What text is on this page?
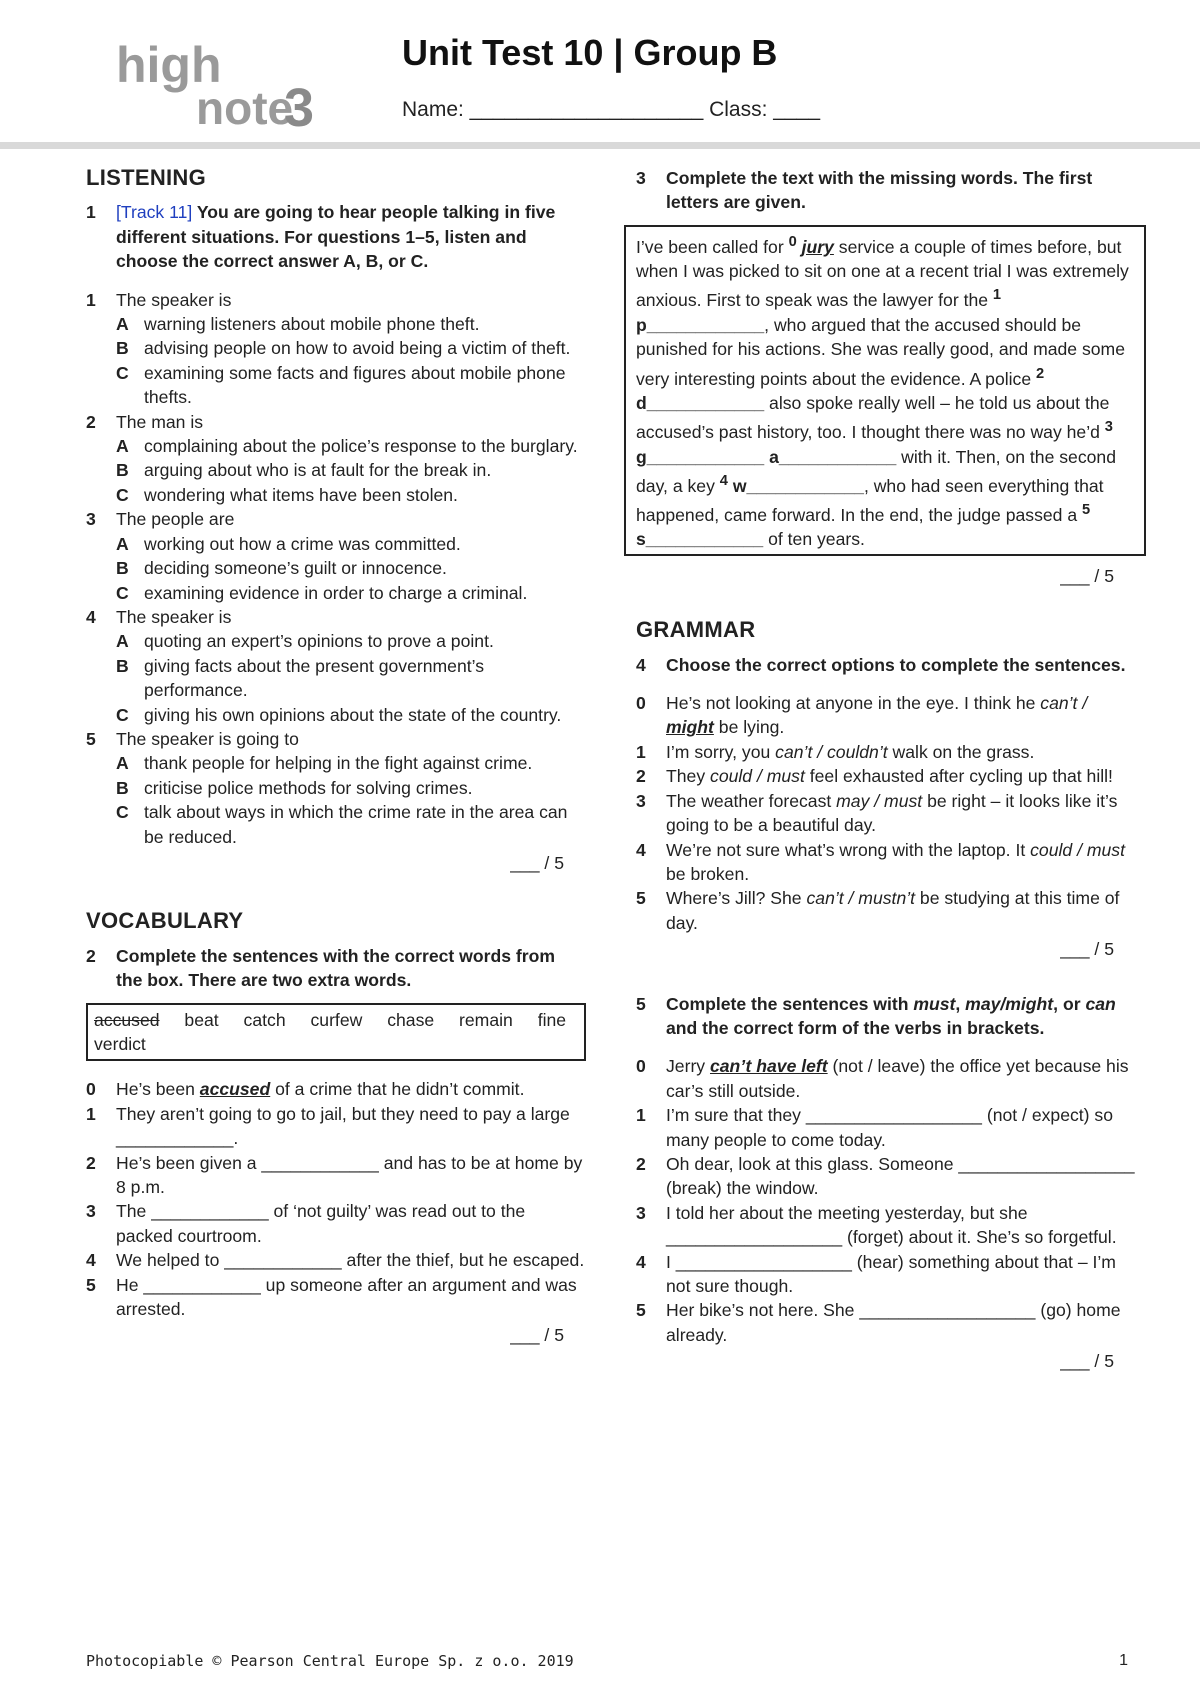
high
note
3
Unit Test 10 | Group B
Name: ____________________ Class: ____
LISTENING
1 [Track 11] You are going to hear people talking in five different situations. For questions 1–5, listen and choose the correct answer A, B, or C.
1 The speaker is
A warning listeners about mobile phone theft.
B advising people on how to avoid being a victim of theft.
C examining some facts and figures about mobile phone thefts.
2 The man is
A complaining about the police’s response to the burglary.
B arguing about who is at fault for the break in.
C wondering what items have been stolen.
3 The people are
A working out how a crime was committed.
B deciding someone’s guilt or innocence.
C examining evidence in order to charge a criminal.
4 The speaker is
A quoting an expert’s opinions to prove a point.
B giving facts about the present government’s performance.
C giving his own opinions about the state of the country.
5 The speaker is going to
A thank people for helping in the fight against crime.
B criticise police methods for solving crimes.
C talk about ways in which the crime rate in the area can be reduced.
___ / 5
VOCABULARY
2 Complete the sentences with the correct words from the box. There are two extra words.
accused beat catch curfew chase remain fine verdict
0 He’s been accused of a crime that he didn’t commit.
1 They aren’t going to go to jail, but they need to pay a large ____________.
2 He’s been given a ____________ and has to be at home by 8 p.m.
3 The ____________ of ‘not guilty’ was read out to the packed courtroom.
4 We helped to ____________ after the thief, but he escaped.
5 He ____________ up someone after an argument and was arrested.
___ / 5
3 Complete the text with the missing words. The first letters are given.
I’ve been called for $^0$ jury service a couple of times before, but when I was picked to sit on one at a recent trial I was extremely anxious. First to speak was the lawyer for the $^1$ p____________, who argued that the accused should be punished for his actions. She was really good, and made some very interesting points about the evidence. A police $^2$ d____________ also spoke really well – he told us about the accused’s past history, too. I thought there was no way he’d $^3$ g____________ a____________ with it. Then, on the second day, a key $^4$ w____________, who had seen everything that happened, came forward. In the end, the judge passed a $^5$ s____________ of ten years.
___ / 5
GRAMMAR
4 Choose the correct options to complete the sentences.
0 He’s not looking at anyone in the eye. I think he can’t / might be lying.
1 I’m sorry, you can’t / couldn’t walk on the grass.
2 They could / must feel exhausted after cycling up that hill!
3 The weather forecast may / must be right – it looks like it’s going to be a beautiful day.
4 We’re not sure what’s wrong with the laptop. It could / must be broken.
5 Where’s Jill? She can’t / mustn’t be studying at this time of day.
___ / 5
5 Complete the sentences with must, may/might, or can and the correct form of the verbs in brackets.
0 Jerry can’t have left (not / leave) the office yet because his car’s still outside.
1 I’m sure that they __________________ (not / expect) so many people to come today.
2 Oh dear, look at this glass. Someone __________________ (break) the window.
3 I told her about the meeting yesterday, but she __________________ (forget) about it. She’s so forgetful.
4 I __________________ (hear) something about that – I’m not sure though.
5 Her bike’s not here. She __________________ (go) home already.
___ / 5
Photocopiable © Pearson Central Europe Sp. z o.o. 2019	1
